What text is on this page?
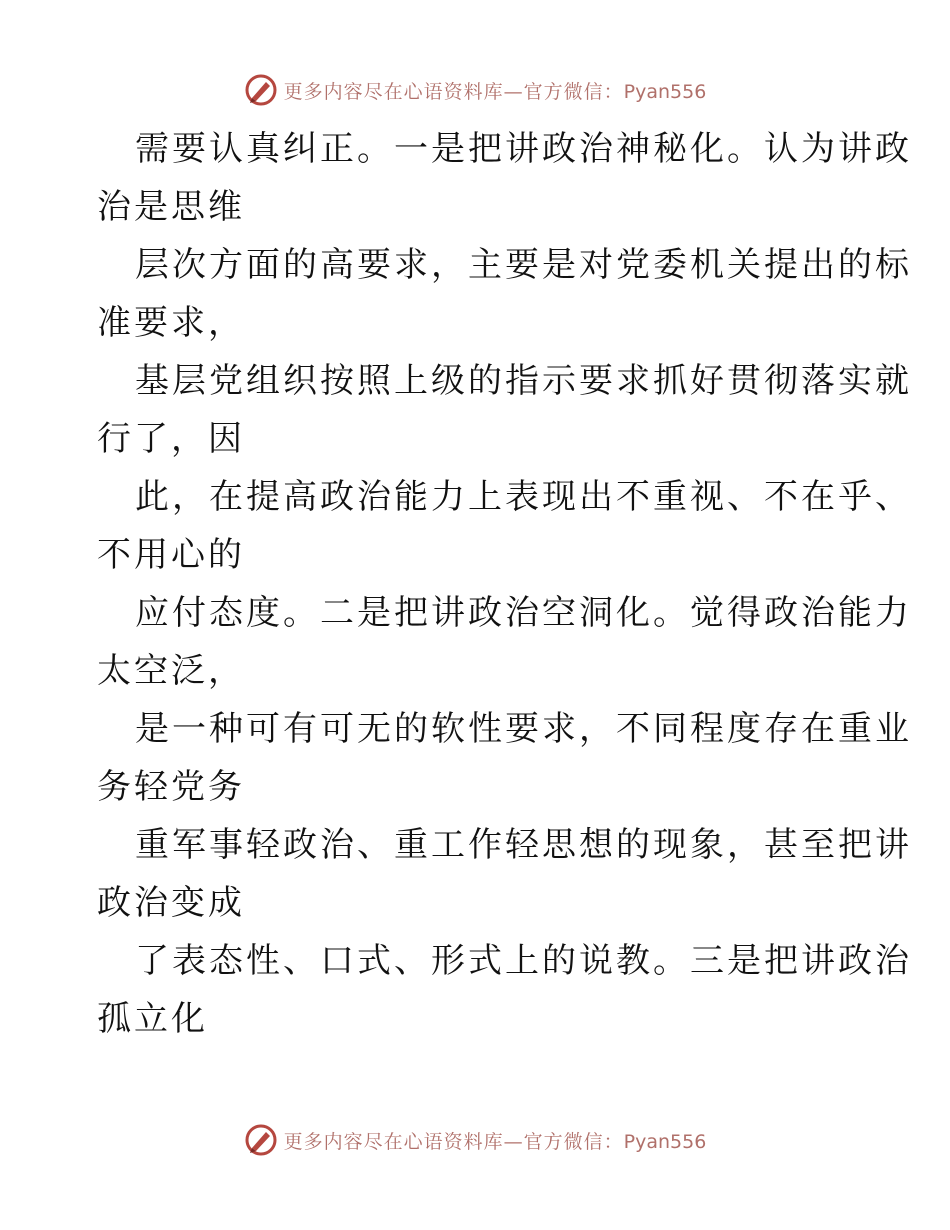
更多内容尽在心语资料库—官方微信：Pyan556

需要认真纠正。一是把讲政治神秘化。认为讲政
治是思维

层次方面的高要求，主要是对党委机关提出的标
准要求，

基层党组织按照上级的指示要求抓好贯彻落实就
行了，因

此，在提高政治能力上表现出不重视、不在乎、
不用心的

应付态度。二是把讲政治空洞化。觉得政治能力
太空泛，

是一种可有可无的软性要求，不同程度存在重业
务轻党务

重军事轻政治、重工作轻思想的现象，甚至把讲
政治变成

了表态性、口式、形式上的说教。三是把讲政治
孤立化

更多内容尽在心语资料库—官方微信：Pyan556
